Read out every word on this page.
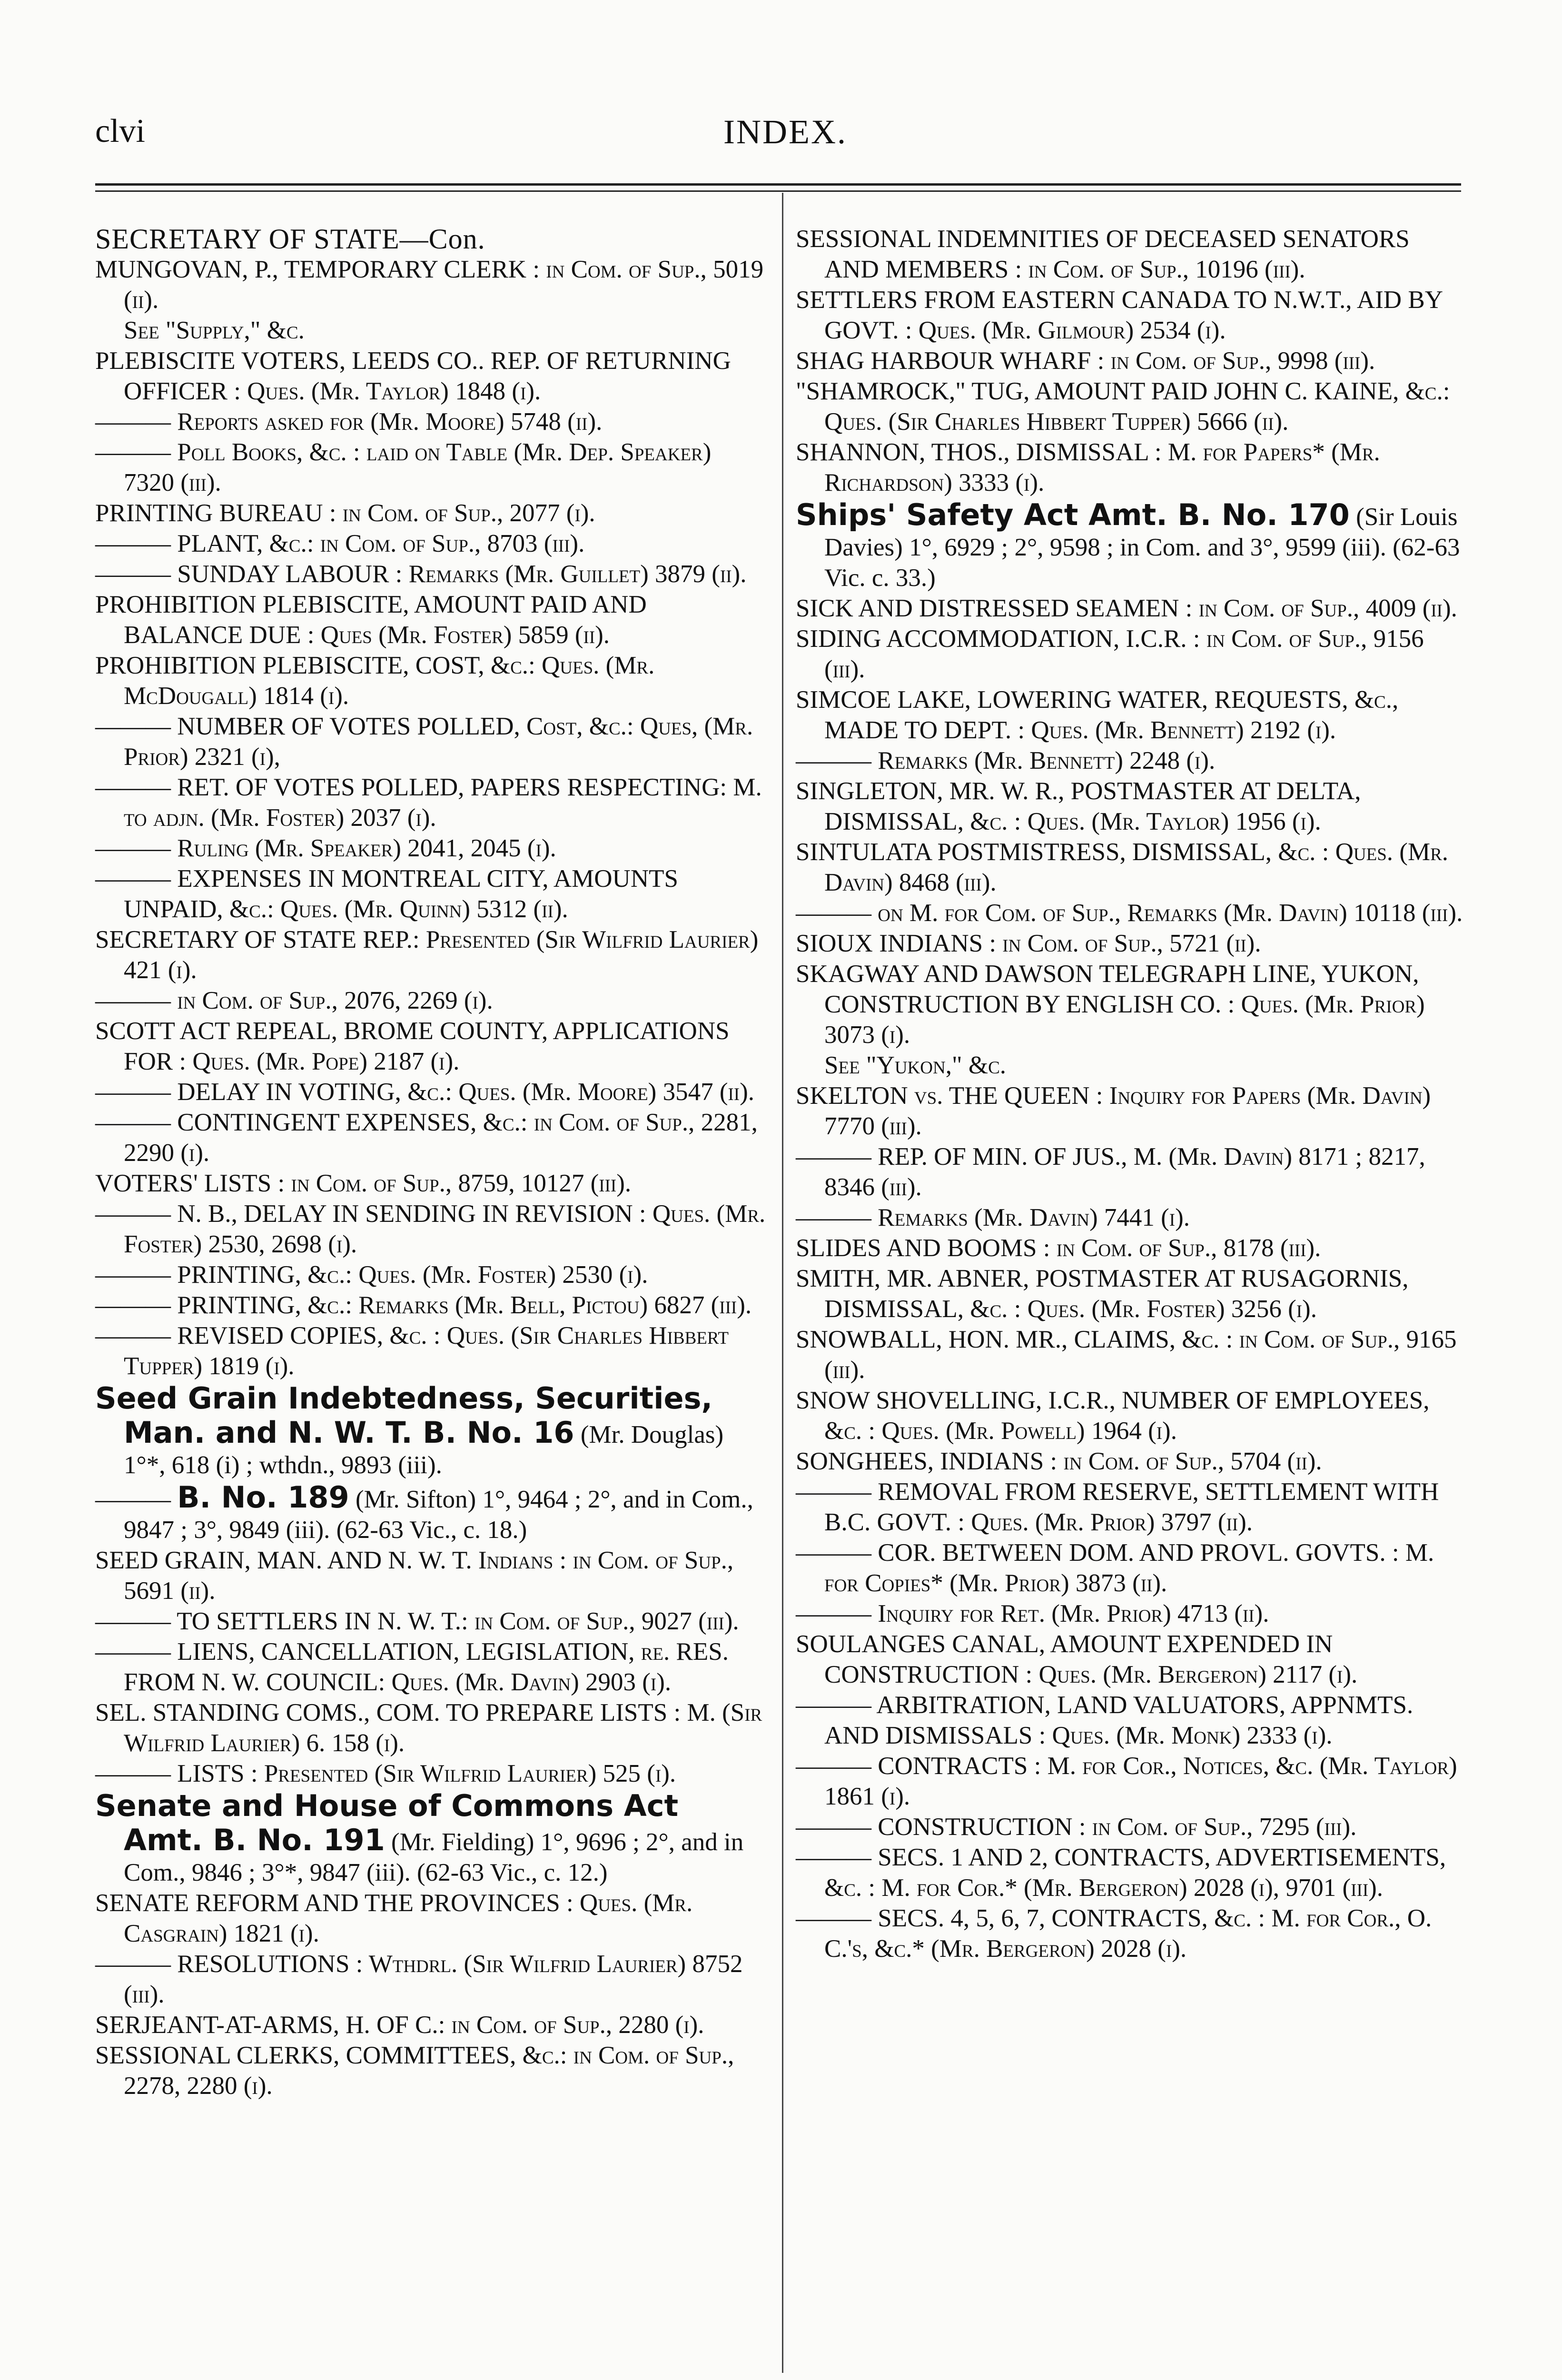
clvi	INDEX.

SECRETARY OF STATE—Con.

MUNGOVAN, P., TEMPORARY CLERK : in Com. of Sup., 5019 (ii).

See "Supply," &c.

PLEBISCITE VOTERS, LEEDS CO.. REP. OF RETURNING OFFICER : Ques. (Mr. Taylor) 1848 (i).

——— Reports asked for (Mr. Moore) 5748 (ii).

——— Poll Books, &c. : laid on Table (Mr. Dep. Speaker) 7320 (iii).

PRINTING BUREAU : in Com. of Sup., 2077 (i).

——— PLANT, &c.: in Com. of Sup., 8703 (iii).

——— SUNDAY LABOUR : Remarks (Mr. Guillet) 3879 (ii).

PROHIBITION PLEBISCITE, AMOUNT PAID AND BALANCE DUE : Ques (Mr. Foster) 5859 (ii).

PROHIBITION PLEBISCITE, COST, &c.: Ques. (Mr. McDougall) 1814 (i).

——— NUMBER OF VOTES POLLED, Cost, &c.: Ques, (Mr. Prior) 2321 (i),

——— RET. OF VOTES POLLED, PAPERS RESPECTING: M. to adjn. (Mr. Foster) 2037 (i).

——— Ruling (Mr. Speaker) 2041, 2045 (i).

——— EXPENSES IN MONTREAL CITY, AMOUNTS UNPAID, &c.: Ques. (Mr. Quinn) 5312 (ii).

SECRETARY OF STATE REP.: Presented (Sir Wilfrid Laurier) 421 (i).

——— in Com. of Sup., 2076, 2269 (i).

SCOTT ACT REPEAL, BROME COUNTY, APPLICATIONS FOR : Ques. (Mr. Pope) 2187 (i).

——— DELAY IN VOTING, &c.: Ques. (Mr. Moore) 3547 (ii).

——— CONTINGENT EXPENSES, &c.: in Com. of Sup., 2281, 2290 (i).

VOTERS' LISTS : in Com. of Sup., 8759, 10127 (iii).

——— N. B., DELAY IN SENDING IN REVISION : Ques. (Mr. Foster) 2530, 2698 (i).

——— PRINTING, &c.: Ques. (Mr. Foster) 2530 (i).

——— PRINTING, &c.: Remarks (Mr. Bell, Pictou) 6827 (iii).

——— REVISED COPIES, &c. : Ques. (Sir Charles Hibbert Tupper) 1819 (i).

Seed Grain Indebtedness, Securities, Man. and N. W. T. B. No. 16 (Mr. Douglas) 1°*, 618 (i) ; wthdn., 9893 (iii).

——— B. No. 189 (Mr. Sifton) 1°, 9464 ; 2°, and in Com., 9847 ; 3°, 9849 (iii). (62-63 Vic., c. 18.)

SEED GRAIN, MAN. AND N. W. T. Indians : in Com. of Sup., 5691 (ii).

——— TO SETTLERS IN N. W. T.: in Com. of Sup., 9027 (iii).

——— LIENS, CANCELLATION, LEGISLATION, re. RES. FROM N. W. COUNCIL: Ques. (Mr. Davin) 2903 (i).

SEL. STANDING COMS., COM. TO PREPARE LISTS : M. (Sir Wilfrid Laurier) 6. 158 (i).

——— LISTS : Presented (Sir Wilfrid Laurier) 525 (i).

Senate and House of Commons Act Amt. B. No. 191 (Mr. Fielding) 1°, 9696 ; 2°, and in Com., 9846 ; 3°*, 9847 (iii). (62-63 Vic., c. 12.)

SENATE REFORM AND THE PROVINCES : Ques. (Mr. Casgrain) 1821 (i).

——— RESOLUTIONS : Wthdrl. (Sir Wilfrid Laurier) 8752 (iii).

SERJEANT-AT-ARMS, H. OF C.: in Com. of Sup., 2280 (i).

SESSIONAL CLERKS, COMMITTEES, &c.: in Com. of Sup., 2278, 2280 (i).

SESSIONAL INDEMNITIES OF DECEASED SENATORS AND MEMBERS : in Com. of Sup., 10196 (iii).

SETTLERS FROM EASTERN CANADA TO N.W.T., AID BY GOVT. : Ques. (Mr. Gilmour) 2534 (i).

SHAG HARBOUR WHARF : in Com. of Sup., 9998 (iii).

"SHAMROCK," TUG, AMOUNT PAID JOHN C. KAINE, &c.: Ques. (Sir Charles Hibbert Tupper) 5666 (ii).

SHANNON, THOS., DISMISSAL : M. for Papers* (Mr. Richardson) 3333 (i).

Ships' Safety Act Amt. B. No. 170 (Sir Louis Davies) 1°, 6929 ; 2°, 9598 ; in Com. and 3°, 9599 (iii). (62-63 Vic. c. 33.)

SICK AND DISTRESSED SEAMEN : in Com. of Sup., 4009 (ii).

SIDING ACCOMMODATION, I.C.R. : in Com. of Sup., 9156 (iii).

SIMCOE LAKE, LOWERING WATER, REQUESTS, &c., MADE TO DEPT. : Ques. (Mr. Bennett) 2192 (i).

——— Remarks (Mr. Bennett) 2248 (i).

SINGLETON, MR. W. R., POSTMASTER AT DELTA, DISMISSAL, &c. : Ques. (Mr. Taylor) 1956 (i).

SINTULATA POSTMISTRESS, DISMISSAL, &c. : Ques. (Mr. Davin) 8468 (iii).

——— on M. for Com. of Sup., Remarks (Mr. Davin) 10118 (iii).

SIOUX INDIANS : in Com. of Sup., 5721 (ii).

SKAGWAY AND DAWSON TELEGRAPH LINE, YUKON, CONSTRUCTION BY ENGLISH CO. : Ques. (Mr. Prior) 3073 (i).

See "Yukon," &c.

SKELTON vs. THE QUEEN : Inquiry for Papers (Mr. Davin) 7770 (iii).

——— REP. OF MIN. OF JUS., M. (Mr. Davin) 8171 ; 8217, 8346 (iii).

——— Remarks (Mr. Davin) 7441 (i).

SLIDES AND BOOMS : in Com. of Sup., 8178 (iii).

SMITH, MR. ABNER, POSTMASTER AT RUSAGORNIS, DISMISSAL, &c. : Ques. (Mr. Foster) 3256 (i).

SNOWBALL, HON. MR., CLAIMS, &c. : in Com. of Sup., 9165 (iii).

SNOW SHOVELLING, I.C.R., NUMBER OF EMPLOYEES, &c. : Ques. (Mr. Powell) 1964 (i).

SONGHEES, INDIANS : in Com. of Sup., 5704 (ii).

——— REMOVAL FROM RESERVE, SETTLEMENT WITH B.C. GOVT. : Ques. (Mr. Prior) 3797 (ii).

——— COR. BETWEEN DOM. AND PROVL. GOVTS. : M. for Copies* (Mr. Prior) 3873 (ii).

——— Inquiry for Ret. (Mr. Prior) 4713 (ii).

SOULANGES CANAL, AMOUNT EXPENDED IN CONSTRUCTION : Ques. (Mr. Bergeron) 2117 (i).

——— ARBITRATION, LAND VALUATORS, APPNMTS. AND DISMISSALS : Ques. (Mr. Monk) 2333 (i).

——— CONTRACTS : M. for Cor., Notices, &c. (Mr. Taylor) 1861 (i).

——— CONSTRUCTION : in Com. of Sup., 7295 (iii).

——— SECS. 1 AND 2, CONTRACTS, ADVERTISEMENTS, &c. : M. for Cor.* (Mr. Bergeron) 2028 (i), 9701 (iii).

——— SECS. 4, 5, 6, 7, CONTRACTS, &c. : M. for Cor., O. C.'s, &c.* (Mr. Bergeron) 2028 (i).
